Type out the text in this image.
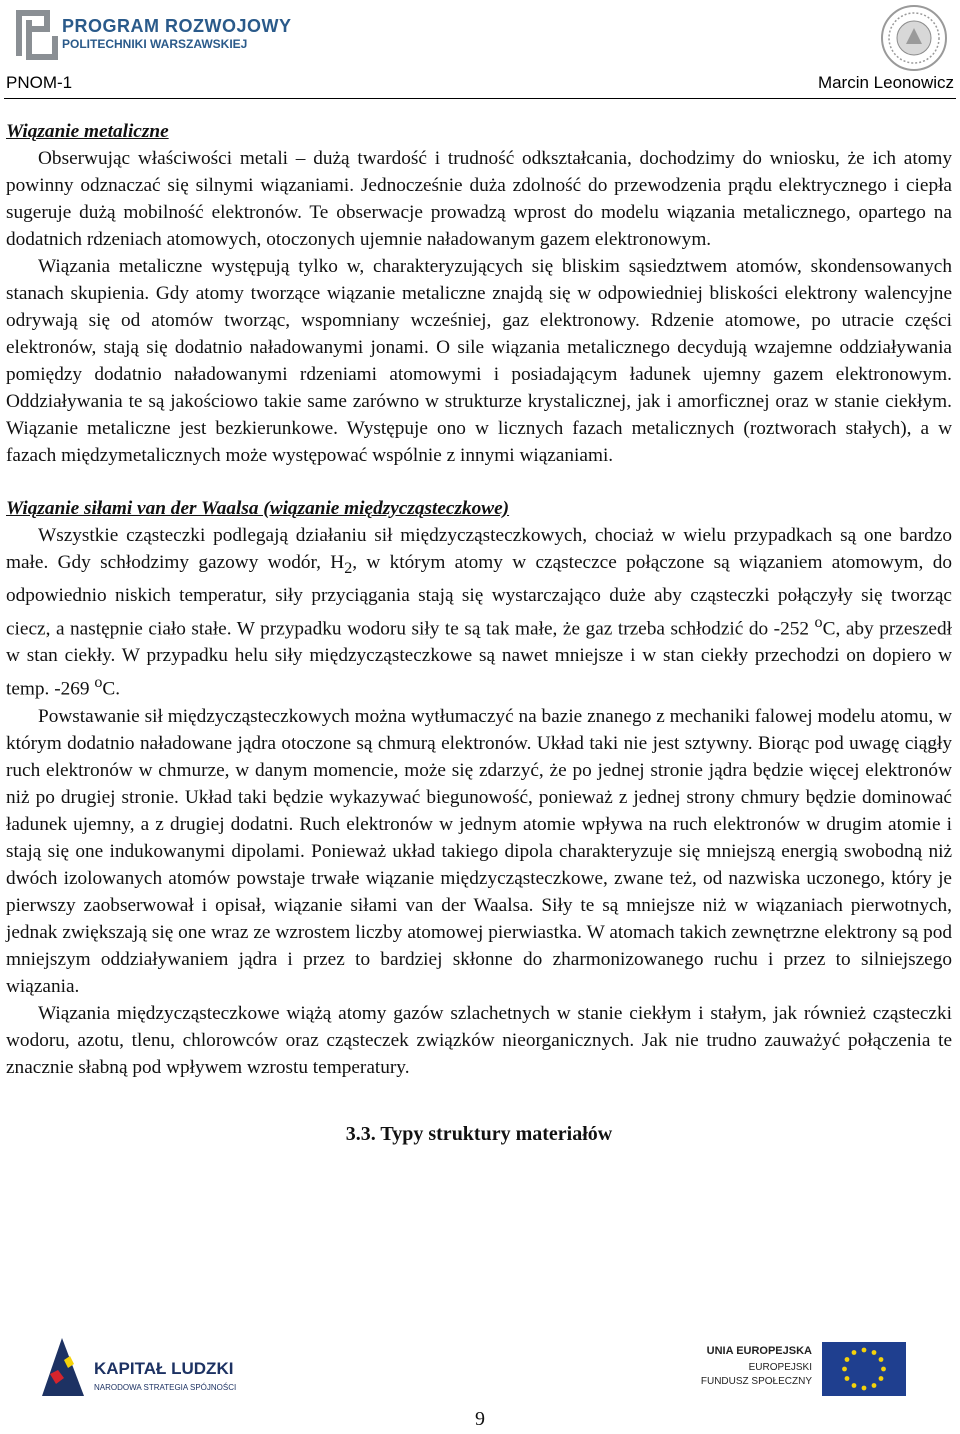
PROGRAM ROZWOJOWY
POLITECHNIKI WARSZAWSKIEJ
PNOM-1	Marcin Leonowicz

Wiązanie metaliczne

Obserwując właściwości metali – dużą twardość i trudność odkształcania, dochodzimy do wniosku, że ich atomy powinny odznaczać się silnymi wiązaniami. Jednocześnie duża zdolność do przewodzenia prądu elektrycznego i ciepła sugeruje dużą mobilność elektronów. Te obserwacje prowadzą wprost do modelu wiązania metalicznego, opartego na dodatnich rdzeniach atomowych, otoczonych ujemnie naładowanym gazem elektronowym.

Wiązania metaliczne występują tylko w, charakteryzujących się bliskim sąsiedztwem atomów, skondensowanych stanach skupienia. Gdy atomy tworzące wiązanie metaliczne znajdą się w odpowiedniej bliskości elektrony walencyjne odrywają się od atomów tworząc, wspomniany wcześniej, gaz elektronowy. Rdzenie atomowe, po utracie części elektronów, stają się dodatnio naładowanymi jonami. O sile wiązania metalicznego decydują wzajemne oddziaływania pomiędzy dodatnio naładowanymi rdzeniami atomowymi i posiadającym ładunek ujemny gazem elektronowym. Oddziaływania te są jakościowo takie same zarówno w strukturze krystalicznej, jak i amorficznej oraz w stanie ciekłym. Wiązanie metaliczne jest bezkierunkowe. Występuje ono w licznych fazach metalicznych (roztworach stałych), a w fazach międzymetalicznych może występować wspólnie z innymi wiązaniami.

Wiązanie siłami van der Waalsa (wiązanie międzycząsteczkowe)

Wszystkie cząsteczki podlegają działaniu sił międzycząsteczkowych, chociaż w wielu przypadkach są one bardzo małe. Gdy schłodzimy gazowy wodór, $H_2$, w którym atomy w cząsteczce połączone są wiązaniem atomowym, do odpowiednio niskich temperatur, siły przyciągania stają się wystarczająco duże aby cząsteczki połączyły się tworząc ciecz, a następnie ciało stałe. W przypadku wodoru siły te są tak małe, że gaz trzeba schłodzić do -252 $^o$C, aby przeszedł w stan ciekły. W przypadku helu siły międzycząsteczkowe są nawet mniejsze i w stan ciekły przechodzi on dopiero w temp. -269 $^o$C.

Powstawanie sił międzycząsteczkowych można wytłumaczyć na bazie znanego z mechaniki falowej modelu atomu, w którym dodatnio naładowane jądra otoczone są chmurą elektronów. Układ taki nie jest sztywny. Biorąc pod uwagę ciągły ruch elektronów w chmurze, w danym momencie, może się zdarzyć, że po jednej stronie jądra będzie więcej elektronów niż po drugiej stronie. Układ taki będzie wykazywać biegunowość, ponieważ z jednej strony chmury będzie dominować ładunek ujemny, a z drugiej dodatni. Ruch elektronów w jednym atomie wpływa na ruch elektronów w drugim atomie i stają się one indukowanymi dipolami. Ponieważ układ takiego dipola charakteryzuje się mniejszą energią swobodną niż dwóch izolowanych atomów powstaje trwałe wiązanie międzycząsteczkowe, zwane też, od nazwiska uczonego, który je pierwszy zaobserwował i opisał, wiązanie siłami van der Waalsa. Siły te są mniejsze niż w wiązaniach pierwotnych, jednak zwiększają się one wraz ze wzrostem liczby atomowej pierwiastka. W atomach takich zewnętrzne elektrony są pod mniejszym oddziaływaniem jądra i przez to bardziej skłonne do zharmonizowanego ruchu i przez to silniejszego wiązania.

Wiązania międzycząsteczkowe wiążą atomy gazów szlachetnych w stanie ciekłym i stałym, jak również cząsteczki wodoru, azotu, tlenu, chlorowców oraz cząsteczek związków nieorganicznych. Jak nie trudno zauważyć połączenia te znacznie słabną pod wpływem wzrostu temperatury.

3.3. Typy struktury materiałów

KAPITAŁ LUDZKI
NARODOWA STRATEGIA SPÓJNOŚCI
UNIA EUROPEJSKA
EUROPEJSKI
FUNDUSZ SPOŁECZNY
9
